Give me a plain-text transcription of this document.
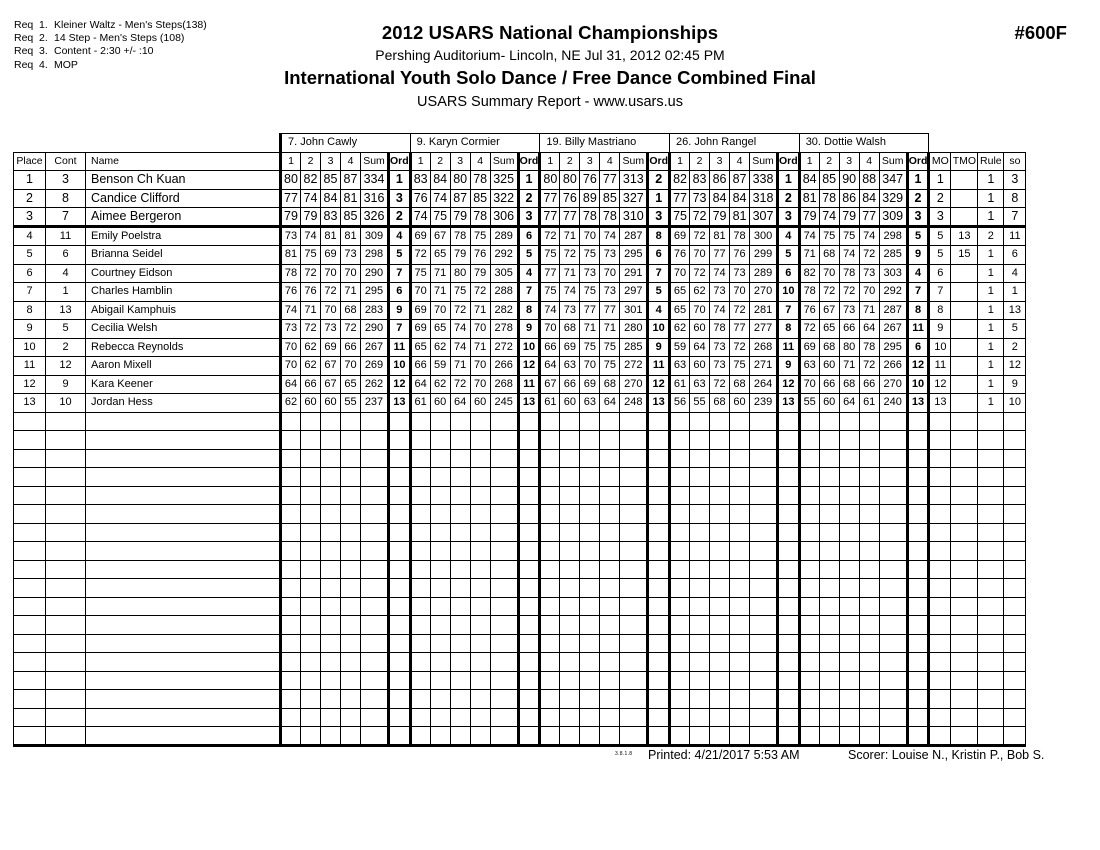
Req 1. Kleiner Waltz - Men's Steps(138)
Req 2. 14 Step - Men's Steps (108)
Req 3. Content - 2:30 +/- :10
Req 4. MOP
2012 USARS National Championships
Pershing Auditorium- Lincoln, NE Jul 31, 2012 02:45 PM
International Youth Solo Dance / Free Dance Combined Final
USARS Summary Report - www.usars.us
#600F
			7. John Cawly						9. Karyn Cormier						19. Billy Mastriano						26. John Rangel						30. Dottie Walsh									
Place	Cont	Name	1	2	3	4	Sum	Ord	1	2	3	4	Sum	Ord	1	2	3	4	Sum	Ord	1	2	3	4	Sum	Ord	1	2	3	4	Sum	Ord	MO	TMO	Rule	so
1	3	Benson Ch Kuan	80	82	85	87	334	1	83	84	80	78	325	1	80	80	76	77	313	2	82	83	86	87	338	1	84	85	90	88	347	1	1		1	3
2	8	Candice Clifford	77	74	84	81	316	3	76	74	87	85	322	2	77	76	89	85	327	1	77	73	84	84	318	2	81	78	86	84	329	2	2		1	8
3	7	Aimee Bergeron	79	79	83	85	326	2	74	75	79	78	306	3	77	77	78	78	310	3	75	72	79	81	307	3	79	74	79	77	309	3	3		1	7
4	11	Emily Poelstra	73	74	81	81	309	4	69	67	78	75	289	6	72	71	70	74	287	8	69	72	81	78	300	4	74	75	75	74	298	5	5	13	2	11
5	6	Brianna Seidel	81	75	69	73	298	5	72	65	79	76	292	5	75	72	75	73	295	6	76	70	77	76	299	5	71	68	74	72	285	9	5	15	1	6
6	4	Courtney Eidson	78	72	70	70	290	7	75	71	80	79	305	4	77	71	73	70	291	7	70	72	74	73	289	6	82	70	78	73	303	4	6		1	4
7	1	Charles Hamblin	76	76	72	71	295	6	70	71	75	72	288	7	75	74	75	73	297	5	65	62	73	70	270	10	78	72	72	70	292	7	7		1	1
8	13	Abigail Kamphuis	74	71	70	68	283	9	69	70	72	71	282	8	74	73	77	77	301	4	65	70	74	72	281	7	76	67	73	71	287	8	8		1	13
9	5	Cecilia Welsh	73	72	73	72	290	7	69	65	74	70	278	9	70	68	71	71	280	10	62	60	78	77	277	8	72	65	66	64	267	11	9		1	5
10	2	Rebecca Reynolds	70	62	69	66	267	11	65	62	74	71	272	10	66	69	75	75	285	9	59	64	73	72	268	11	69	68	80	78	295	6	10		1	2
11	12	Aaron Mixell	70	62	67	70	269	10	66	59	71	70	266	12	64	63	70	75	272	11	63	60	73	75	271	9	63	60	71	72	266	12	11		1	12
12	9	Kara Keener	64	66	67	65	262	12	64	62	72	70	268	11	67	66	69	68	270	12	61	63	72	68	264	12	70	66	68	66	270	10	12		1	9
13	10	Jordan Hess	62	60	60	55	237	13	61	60	64	60	245	13	61	60	63	64	248	13	56	55	68	60	239	13	55	60	64	61	240	13	13		1	10

3.8.1.8 Printed: 4/21/2017 5:53 AM	Scorer: Louise N., Kristin P., Bob S.
